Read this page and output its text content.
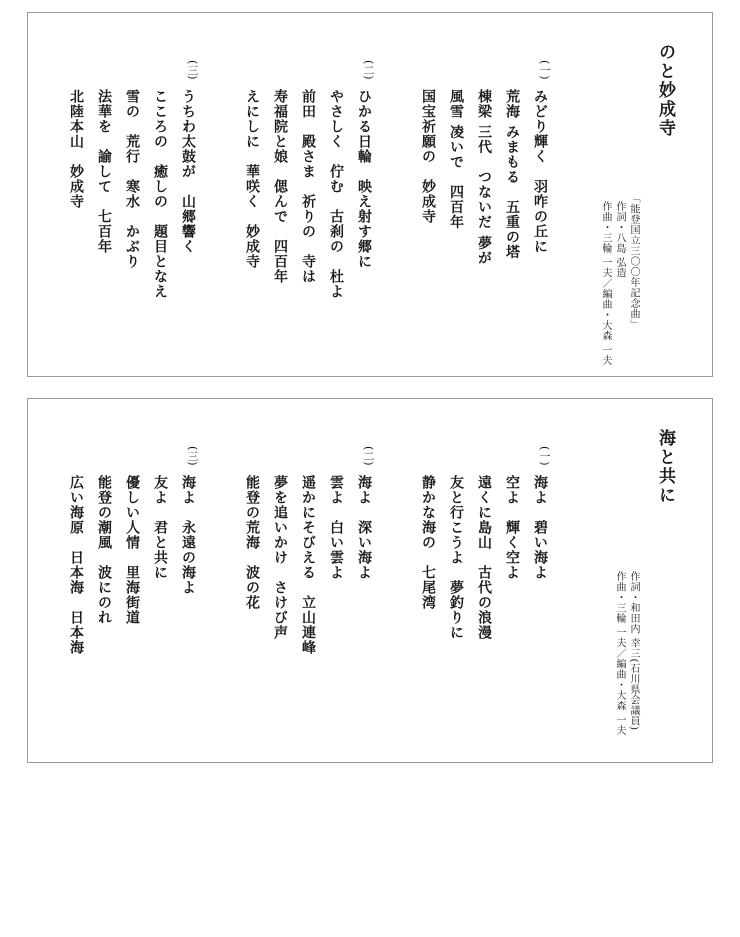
のと妙成寺
「能登国立三〇〇年記念曲」
作詞・八島 弘造
作曲・三輪 一夫／編曲・大森 一夫
(一)
みどり輝く　羽咋の丘に
荒海 みまもる　五重の塔
棟梁 三代　つないだ 夢が
風雪 凌いで　四百年
国宝祈願の　妙成寺
(二)
ひかる日輪　映え射す郷に
やさしく　佇む　古刹の　杜よ
前田　殿さま　祈りの　寺は
寿福院と娘　偲んで　四百年
えにしに　華咲く　妙成寺
(三)
うちわ太鼓が　山郷響く
こころの　癒しの　題目となえ
雪の　荒行　寒水　かぶり
法華を　諭して　七百年
北陸本山　妙成寺
海と共に
作詞・和田内 幸三(石川県会議員)
作曲・三輪 一夫／編曲・大森 一夫
(一)
海よ　碧い海よ
空よ　輝く空よ
遠くに島山　古代の浪漫
友と行こうよ　夢釣りに
静かな海の　七尾湾
(二)
海よ　深い海よ
雲よ　白い雲よ
遥かにそびえる　立山連峰
夢を追いかけ　さけび声
能登の荒海　波の花
(三)
海よ　永遠の海よ
友よ　君と共に
優しい人情　里海街道
能登の潮風　波にのれ
広い海原　日本海　日本海
